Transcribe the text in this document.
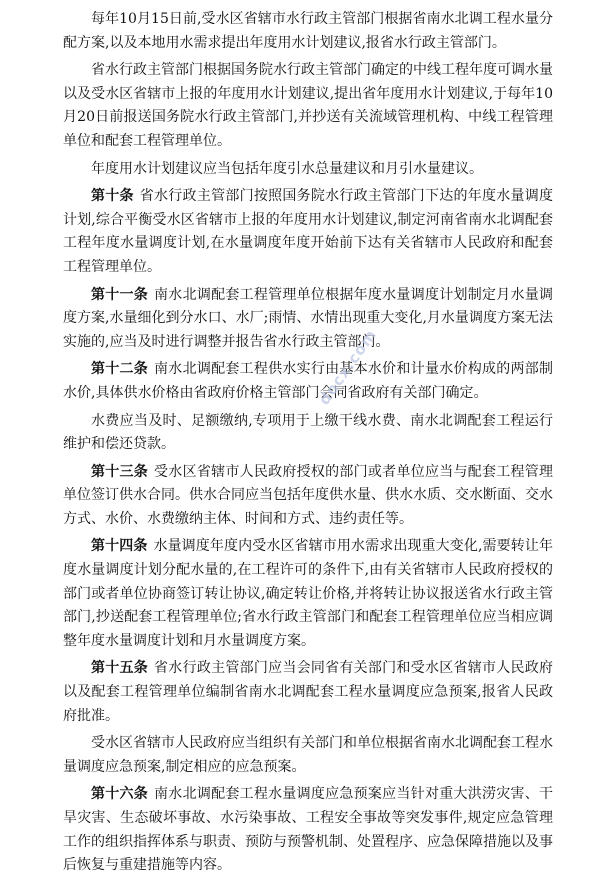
每年10月15日前,受水区省辖市水行政主管部门根据省南水北调工程水量分配方案,以及本地用水需求提出年度用水计划建议,报省水行政主管部门。

省水行政主管部门根据国务院水行政主管部门确定的中线工程年度可调水量以及受水区省辖市上报的年度用水计划建议,提出省年度用水计划建议,于每年10月20日前报送国务院水行政主管部门,并抄送有关流域管理机构、中线工程管理单位和配套工程管理单位。

年度用水计划建议应当包括年度引水总量建议和月引水量建议。

第十条 省水行政主管部门按照国务院水行政主管部门下达的年度水量调度计划,综合平衡受水区省辖市上报的年度用水计划建议,制定河南省南水北调配套工程年度水量调度计划,在水量调度年度开始前下达有关省辖市人民政府和配套工程管理单位。

第十一条 南水北调配套工程管理单位根据年度水量调度计划制定月水量调度方案,水量细化到分水口、水厂;雨情、水情出现重大变化,月水量调度方案无法实施的,应当及时进行调整并报告省水行政主管部门。

第十二条 南水北调配套工程供水实行由基本水价和计量水价构成的两部制水价,具体供水价格由省政府价格主管部门会同省政府有关部门确定。

水费应当及时、足额缴纳,专项用于上缴干线水费、南水北调配套工程运行维护和偿还贷款。

第十三条 受水区省辖市人民政府授权的部门或者单位应当与配套工程管理单位签订供水合同。供水合同应当包括年度供水量、供水水质、交水断面、交水方式、水价、水费缴纳主体、时间和方式、违约责任等。

第十四条 水量调度年度内受水区省辖市用水需求出现重大变化,需要转让年度水量调度计划分配水量的,在工程许可的条件下,由有关省辖市人民政府授权的部门或者单位协商签订转让协议,确定转让价格,并将转让协议报送省水行政主管部门,抄送配套工程管理单位;省水行政主管部门和配套工程管理单位应当相应调整年度水量调度计划和月水量调度方案。

第十五条 省水行政主管部门应当会同省有关部门和受水区省辖市人民政府以及配套工程管理单位编制省南水北调配套工程水量调度应急预案,报省人民政府批准。

受水区省辖市人民政府应当组织有关部门和单位根据省南水北调配套工程水量调度应急预案,制定相应的应急预案。

第十六条 南水北调配套工程水量调度应急预案应当针对重大洪涝灾害、干旱灾害、生态破坏事故、水污染事故、工程安全事故等突发事件,规定应急管理工作的组织指挥体系与职责、预防与预警机制、处置程序、应急保障措施以及事后恢复与重建措施等内容。

docx.com
